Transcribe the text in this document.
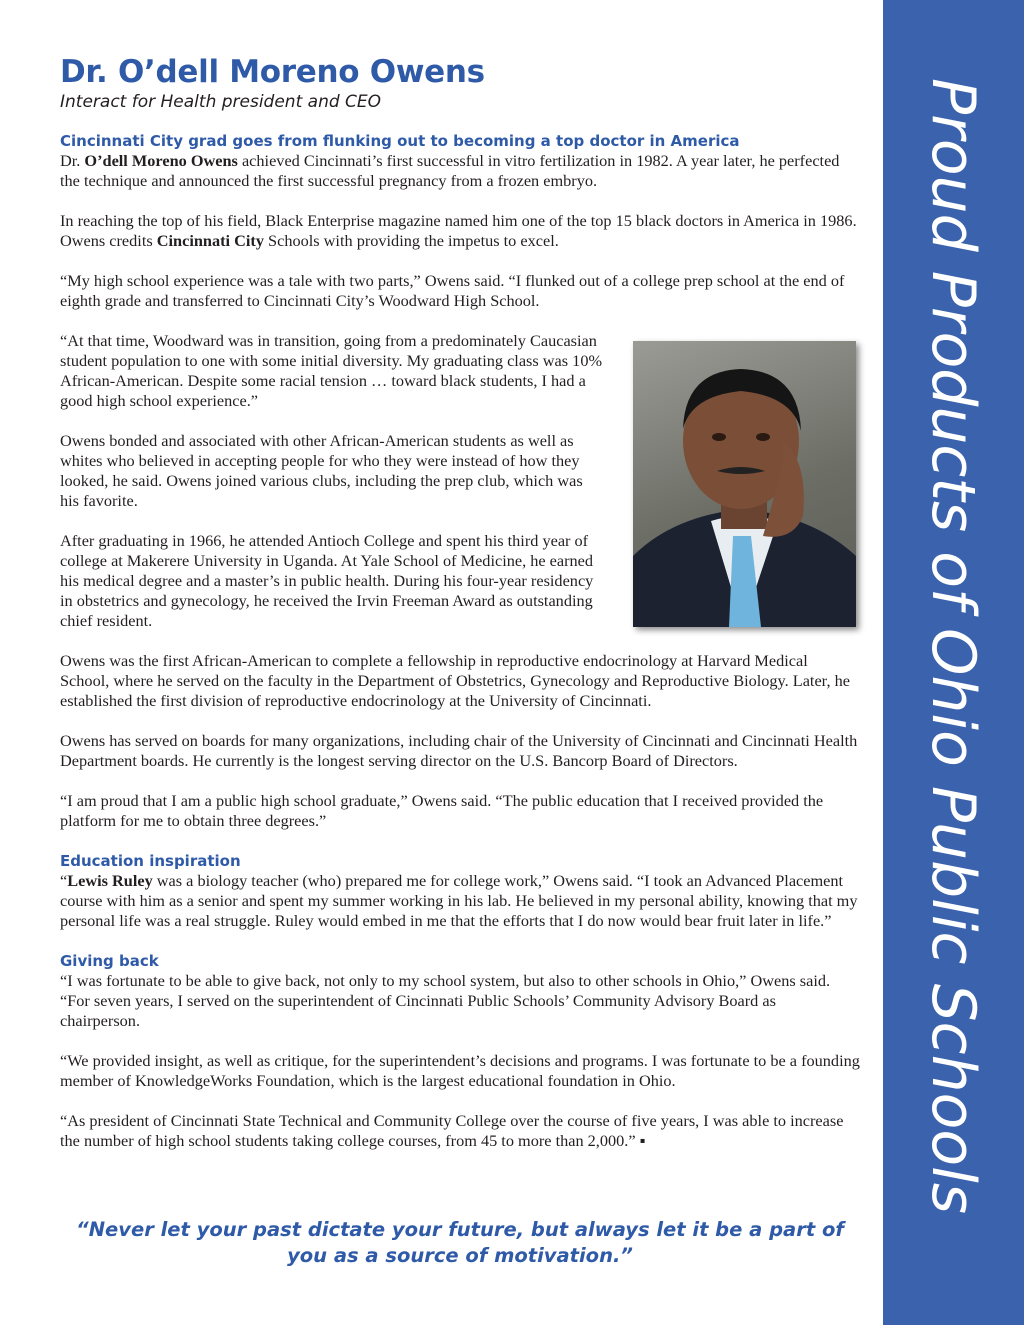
Proud Products of Ohio Public Schools
Dr. O’dell Moreno Owens
Interact for Health president and CEO
Cincinnati City grad goes from flunking out to becoming a top doctor in America

Dr. O’dell Moreno Owens achieved Cincinnati’s first successful in vitro fertilization in 1982. A year later, he perfected the technique and announced the first successful pregnancy from a frozen embryo.

In reaching the top of his field, Black Enterprise magazine named him one of the top 15 black doctors in America in 1986. Owens credits Cincinnati City Schools with providing the impetus to excel.

“My high school experience was a tale with two parts,” Owens said. “I flunked out of a college prep school at the end of eighth grade and transferred to Cincinnati City’s Woodward High School.

“At that time, Woodward was in transition, going from a predominately Caucasian student population to one with some initial diversity. My graduating class was 10% African-American. Despite some racial tension … toward black students, I had a good high school experience.”

Owens bonded and associated with other African-American students as well as whites who believed in accepting people for who they were instead of how they looked, he said. Owens joined various clubs, including the prep club, which was his favorite.

After graduating in 1966, he attended Antioch College and spent his third year of college at Makerere University in Uganda. At Yale School of Medicine, he earned his medical degree and a master’s in public health. During his four-year residency in obstetrics and gynecology, he received the Irvin Freeman Award as outstanding chief resident.

Owens was the first African-American to complete a fellowship in reproductive endocrinology at Harvard Medical School, where he served on the faculty in the Department of Obstetrics, Gynecology and Reproductive Biology. Later, he established the first division of reproductive endocrinology at the University of Cincinnati.

Owens has served on boards for many organizations, including chair of the University of Cincinnati and Cincinnati Health Department boards. He currently is the longest serving director on the U.S. Bancorp Board of Directors.

“I am proud that I am a public high school graduate,” Owens said. “The public education that I received provided the platform for me to obtain three degrees.”

Education inspiration

“Lewis Ruley was a biology teacher (who) prepared me for college work,” Owens said. “I took an Advanced Placement course with him as a senior and spent my summer working in his lab. He believed in my personal ability, knowing that my personal life was a real struggle. Ruley would embed in me that the efforts that I do now would bear fruit later in life.”

Giving back

“I was fortunate to be able to give back, not only to my school system, but also to other schools in Ohio,” Owens said. “For seven years, I served on the superintendent of Cincinnati Public Schools’ Community Advisory Board as chairperson.

“We provided insight, as well as critique, for the superintendent’s decisions and programs. I was fortunate to be a founding member of KnowledgeWorks Foundation, which is the largest educational foundation in Ohio.

“As president of Cincinnati State Technical and Community College over the course of five years, I was able to increase the number of high school students taking college courses, from 45 to more than 2,000.” ▪

“Never let your past dictate your future, but always let it be a part of you as a source of motivation.”
